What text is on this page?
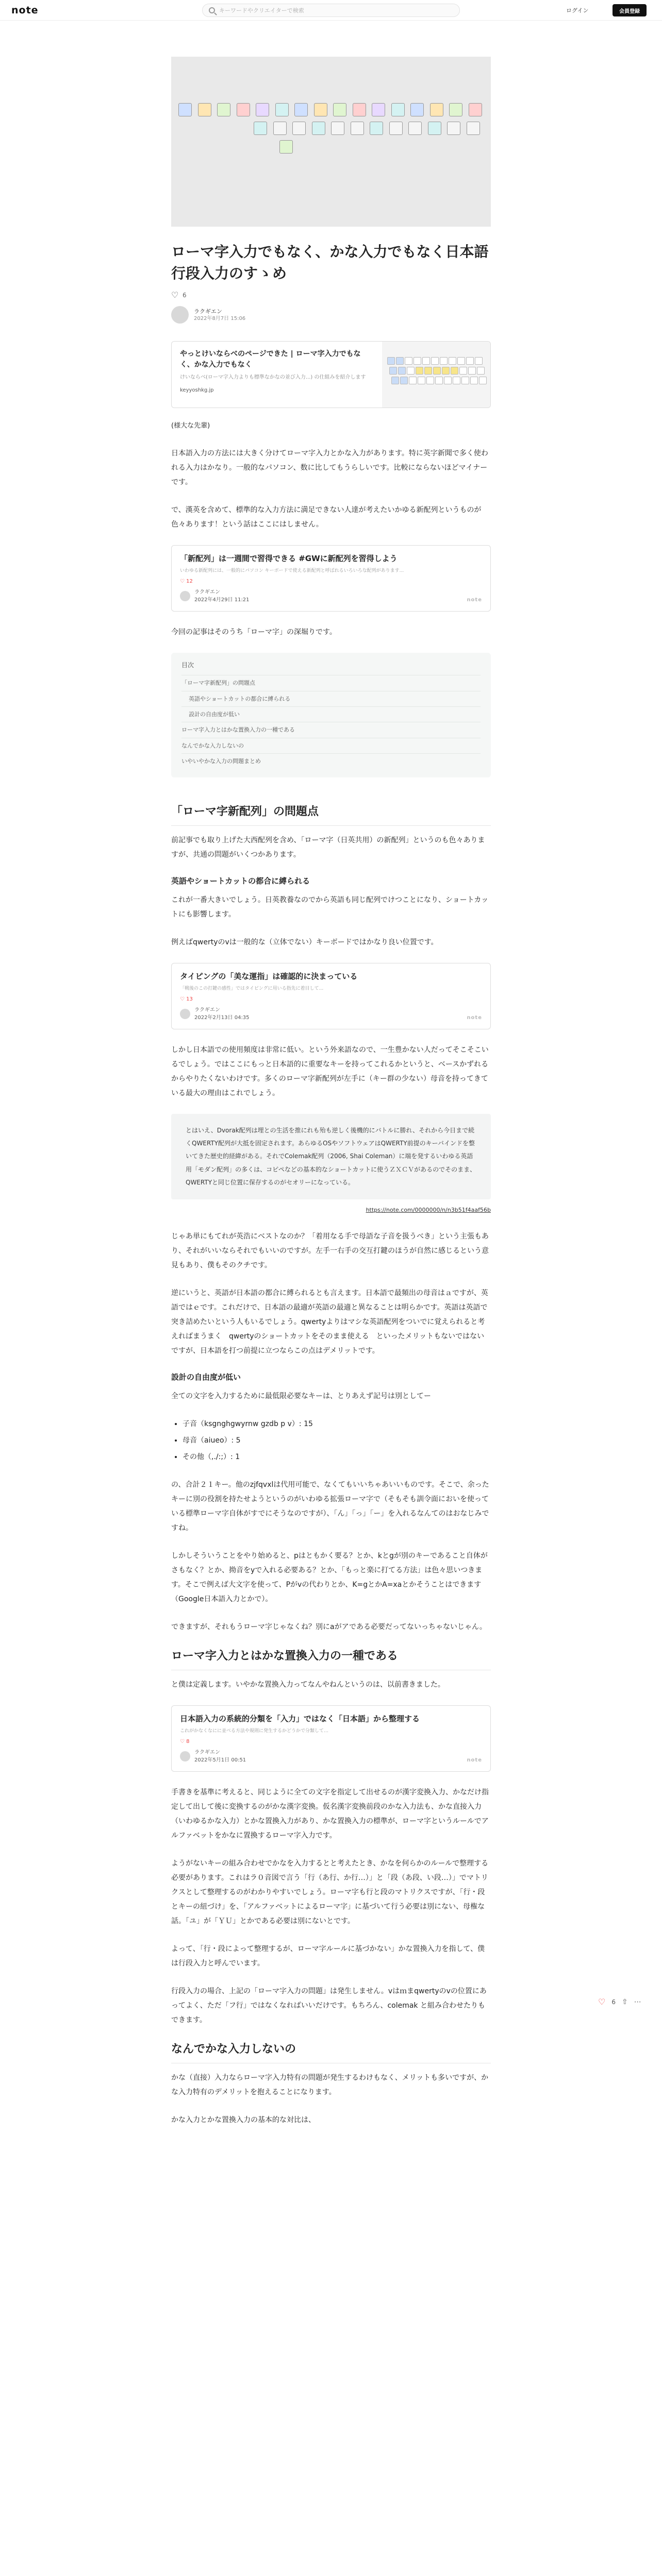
note
キーワードやクリエイターで検索	ログイン	会員登録
ローマ字入力でもなく、かな入力でもなく日本語行段入力のすゝめ
♡
6
ラクギエン
2022年8月7日 15:06
やっとけいならべのページできた | ローマ字入力でもなく、かな入力でもなく
けいならべ(ローマ字入力よりも標準なかなの並び入力...) の仕組みを紹介します
keyyoshkg.jp

(様大な先輩)

日本語入力の方法には大きく分けてローマ字入力とかな入力があります。特に英字新聞で多く使われる入力はかなり。一般的なパソコン、数に比してもうらしいです。比較にならないほどマイナーです。

で、漢英を含めて、標準的な入力方法に満足できない人達が考えたいかゆる新配列というものが色々あります！という話はここにはしません。

「新配列」は一週間で習得できる #GWに新配列を習得しよう
いわゆる新配列には、一般的にパソコン キーボードで使える新配列と呼ばれるいろいろな配列があります...
♡ 12
ラクギエン
2022年4月29日 11:21	note

今回の記事はそのうち「ローマ字」の深堀りです。

目次
「ローマ字新配列」の問題点
英語やショートカットの都合に縛られる
設計の自由度が低い
ローマ字入力とはかな置換入力の一種である
なんでかな入力しないの
いやいやかな入力の問題まとめ
「ローマ字新配列」の問題点

前記事でも取り上げた大西配列を含め、「ローマ字（日英共用）の新配列」というのも色々ありますが、共通の問題がいくつかあります。

英語やショートカットの都合に縛られる

これが一番大きいでしょう。日英教養なのでから英語も同じ配列でけつことになり、ショートカットにも影響します。

例えばqwertyのvは一般的な（立体でない）キーボードではかなり良い位置です。

タイピングの「美な運指」は確認的に決まっている
「戦後のこの打鍵の感性」ではタイピングに用いる指先に着目して...
♡ 13
ラクギエン
2022年2月13日 04:35	note

しかし日本語での使用頻度は非常に低い。という外来語なので、一生豊かない人だってそこそこいるでしょう。ではここにもっと日本語的に重要なキーを持ってこれるかというと、ベースかずれるからやりたくないわけです。多くのローマ字新配列が左手に（キー群の少ない）母音を持ってきている最大の理由はこれでしょう。

とはいえ、Dvorak配列は埋との生活を推にれも殆も逆しく後機的にバトルに勝れ、それから今日まで続くQWERTY配列が大抵を固定されます。あらゆるOSやソフトウェアはQWERTY前提のキーバインドを整いてきた歴史的経緯がある。それでColemak配列（2006, Shai Coleman）に端を発するいわゆる英語用「モダン配列」の多くは、コピペなどの基本的なショートカットに使うＺＸＣＶがあるのでそのまま、QWERTYと同じ位置に保存するのがセオリーになっている。
https://note.com/0000000/n/n3b51f4aaf56b

じゃあ単にもてれが英浩にベストなのか？「着用なる手で母語な子音を扱うべき」という主張もあり、それがいいならそれでもいいのですが。左手一右手の交互打鍵のほうが自然に感じるという意見もあり、僕もそのクチです。

逆にいうと、英語が日本語の都合に縛られるとも言えます。日本語で最頻出の母音はａですが、英語ではｅです。これだけで、日本語の最適が英語の最適と異なることは明らかです。英語は英語で突き詰めたいという人もいるでしょう。qwertyよりはマシな英語配列をついでに覚えられると考えればまうまく　qwertyのショートカットをそのまま使える　といったメリットもないではないですが、日本語を打つ前提に立つならこの点はデメリットです。

設計の自由度が低い

全ての文字を入力するために最低限必要なキーは、とりあえず記号は別としてー

• 子音（ksgnghgwyrnw gzdb p v）: 15
• 母音（aiueo）: 5
• その他（,./:;）: 1

の、合計２１キー。他のzjfqvxlは代用可能で、なくてもいいちゃあいいものです。そこで、余ったキーに別の役割を持たせようというのがいわゆる拡張ローマ字で（そもそも訓令面においを使っている標準ローマ字自体がすでにそうなのですが）、「ん」「っ」「ー」を入れるなんてのはおなじみですね。

しかしそういうことをやり始めると、pはともかく要る？とか、kとgが別のキーであること自体がさもなく？とか、拗音をyで入れる必要ある？とか、「もっと楽に打てる方法」は色々思いつきます。そこで例えば大文字を使って、Pがvの代わりとか、K=gとかA=xaとかそうことはできます（Google日本語入力とかで）。

できますが、それもうローマ字じゃなくね？別にaがアである必要だってないっちゃないじゃん。

ローマ字入力とはかな置換入力の一種である

と僕は定義します。いやかな置換入力ってなんやねんというのは、以前書きました。

日本語入力の系統的分類を「入力」ではなく「日本語」から整理する
これがかなくなにに並べる方法や規則に発生するかどうかで分類して…
♡ 8
ラクギエン
2022年5月1日 00:51	note

手書きを基準に考えると、同じように全ての文字を指定して出せるのが漢字変換入力、かなだけ指定して出して後に変換するのがかな漢字変換。仮名漢字変換前段のかな入力法も、かな直接入力（いわゆるかな入力）とかな置換入力があり、かな置換入力の標準が、ローマ字というルールでアルファベットをかなに置換するローマ字入力です。

ようがないキーの組み合わせでかなを入力するとと考えたとき、かなを何らかのルールで整理する必要があります。これはラ０音図で言う「行（あ行、か行…）」と「段（あ段、い段…）」でマトリクスとして整理するのがわかりやすいでしょう。ローマ字も行と段のマトリクスですが、「行・段とキーの紐づけ」を、「アルファベットによるローマ字」に基づいて行う必要は別にない、母権な話。「ユ」が「ＹＵ」とかである必要は別にないとです。

よって、「行・段によって整理するが、ローマ字ルールに基づかない」かな置換入力を指して、僕は行段入力と呼んでいます。

行段入力の場合、上記の「ローマ字入力の問題」は発生しません。vはｍまqwertyのvの位置にあってよく、ただ「フ行」ではなくなればいいだけです。もちろん、colemak と組み合わせたりもできます。

なんでかな入力しないの

かな（直接）入力ならローマ字入力特有の問題が発生するわけもなく、メリットも多いですが、かな入力特有のデメリットを抱えることになります。

かな入力とかな置換入力の基本的な対比は、

♡ 6 ⇧ ⋯
